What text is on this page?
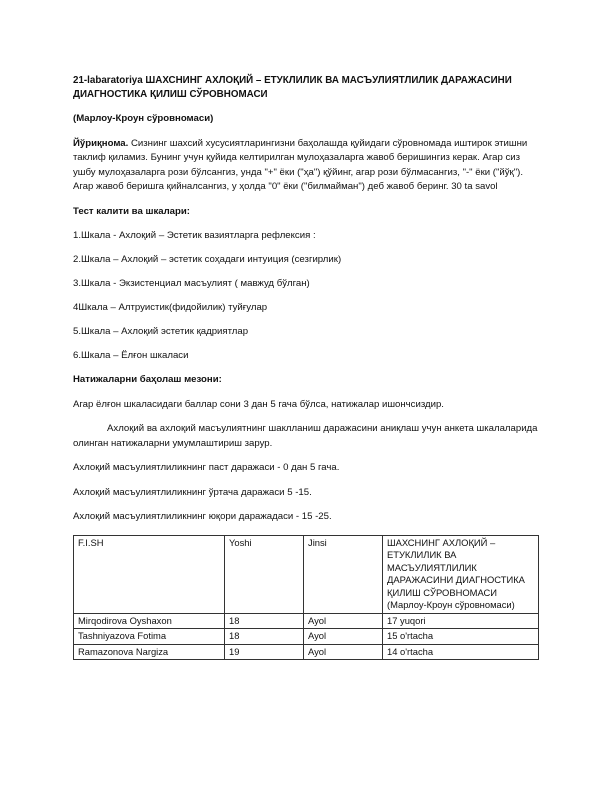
21-labaratoriya ШАХСНИНГ АХЛОҚИЙ – ЕТУКЛИЛИК ВА МАСЪУЛИЯТЛИЛИК ДАРАЖАСИНИ ДИАГНОСТИКА ҚИЛИШ СЎРОВНОМАСИ
(Марлоу-Кроун сўровномаси)
Йўриқнома. Сизнинг шахсий хусусиятларингизни баҳолашда қуйидаги сўровномада иштирок этишни таклиф қиламиз. Бунинг учун қуйида келтирилган мулоҳазаларга жавоб беришингиз керак. Агар сиз ушбу мулоҳазаларга рози бўлсангиз, унда "+" ёки ("ҳа") қўйинг, агар рози бўлмасангиз, "-" ёки ("йўқ"). Агар жавоб беришга қийналсангиз, у ҳолда "0" ёки ("билмайман") деб жавоб беринг. 30 ta savol
Тест калити ва шкалари:
1.Шкала - Ахлоқий – Эстетик вазиятларга рефлексия :
2.Шкала – Ахлоқий – эстетик соҳадаги интуиция (сезгирлик)
3.Шкала - Экзистенциал масъулият ( мавжуд бўлган)
4Шкала – Алтруистик(фидойилик) туйғулар
5.Шкала – Ахлоқий эстетик қадриятлар
6.Шкала – Ёлғон шкаласи
Натижаларни баҳолаш мезони:
Агар ёлғон шкаласидаги баллар сони 3 дан 5 гача бўлса, натижалар ишончсиздир.
Ахлоқий ва ахлоқий масъулиятнинг шаклланиш даражасини аниқлаш учун анкета шкалаларида олинган натижаларни умумлаштириш зарур.
Ахлоқий масъулиятлиликнинг паст даражаси - 0 дан 5 гача.
Ахлоқий масъулиятлиликнинг ўртача даражаси 5 -15.
Ахлоқий масъулиятлиликнинг юқори даражадаси - 15 -25.
F.I.SH	Yoshi	Jinsi	ШАХСНИНГ АХЛОҚИЙ – ЕТУКЛИЛИК ВА МАСЪУЛИЯТЛИЛИК ДАРАЖАСИНИ ДИАГНОСТИКА ҚИЛИШ СЎРОВНОМАСИ (Марлоу-Кроун сўровномаси)
Mirqodirova Oyshaxon	18	Ayol	17 yuqori
Tashniyazova Fotima	18	Ayol	15 o'rtacha
Ramazonova Nargiza	19	Ayol	14 o'rtacha
